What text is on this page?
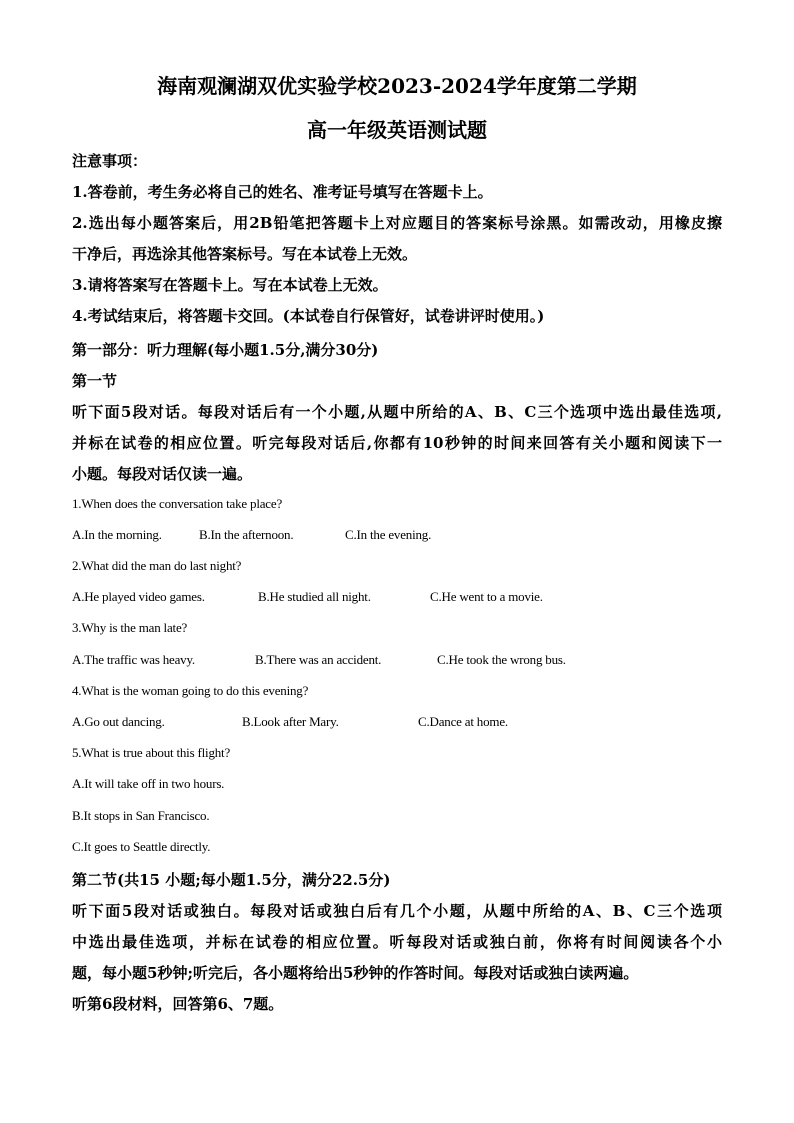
海南观澜湖双优实验学校2023-2024学年度第二学期
高一年级英语测试题
注意事项：
1.答卷前，考生务必将自己的姓名、准考证号填写在答题卡上。
2.选出每小题答案后，用2B铅笔把答题卡上对应题目的答案标号涂黑。如需改动，用橡皮擦
干净后，再选涂其他答案标号。写在本试卷上无效。
3.请将答案写在答题卡上。写在本试卷上无效。
4.考试结束后，将答题卡交回。(本试卷自行保管好，试卷讲评时使用。)
第一部分：听力理解(每小题1.5分,满分30分)
第一节
听下面5段对话。每段对话后有一个小题,从题中所给的A、B、C三个选项中选出最佳选项,
并标在试卷的相应位置。听完每段对话后,你都有10秒钟的时间来回答有关小题和阅读下一
小题。每段对话仅读一遍。
1.When does the conversation take place?
A.In the morning.	B.In the afternoon.	C.In the evening.
2.What did the man do last night?
A.He played video games.	B.He studied all night.	C.He went to a movie.
3.Why is the man late?
A.The traffic was heavy.	B.There was an accident.	C.He took the wrong bus.
4.What is the woman going to do this evening?
A.Go out dancing.	B.Look after Mary.	C.Dance at home.
5.What is true about this flight?
A.It will take off in two hours.
B.It stops in San Francisco.
C.It goes to Seattle directly.
第二节(共15 小题;每小题1.5分，满分22.5分)
听下面5段对话或独白。每段对话或独白后有几个小题，从题中所给的A、B、C三个选项
中选出最佳选项，并标在试卷的相应位置。听每段对话或独白前，你将有时间阅读各个小
题，每小题5秒钟;听完后，各小题将给出5秒钟的作答时间。每段对话或独白读两遍。
听第6段材料，回答第6、7题。
